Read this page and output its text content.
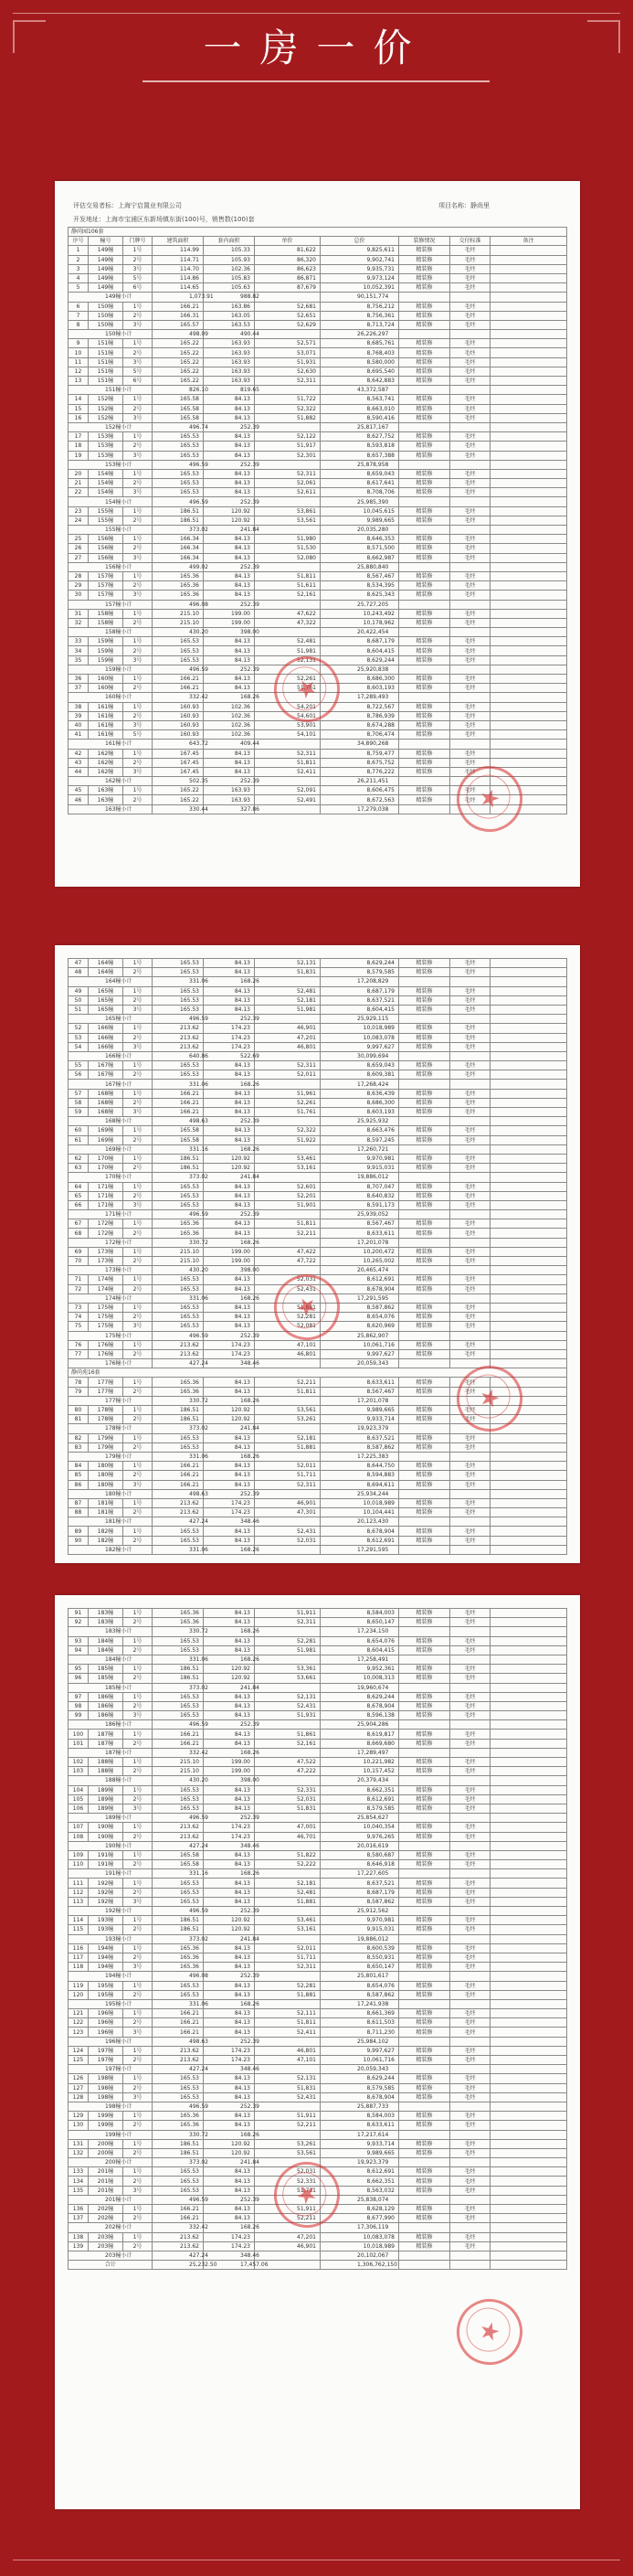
一房一价
评估交易者标：上海宁启置业有限公司	项目名称：静尚里
开发地址：上海市宝浦区东新场镇东街(100)号，销售数(100)套
静尚园106套									
序号	幢号	门牌号	建筑面积	套内面积	单价	总价	装修情况	交付标准	备注
1	149幢	1号	114.99	105.33	81,622	9,825,611	精装修	毛坯	
2	149幢	2号	114.71	105.93	86,320	9,902,741	精装修	毛坯	
3	149幢	3号	114.70	102.36	86,623	9,935,731	精装修	毛坯	
4	149幢	5号	114.86	105.83	86,871	9,973,124	精装修	毛坯	
5	149幢	6号	114.65	105.63	87,679	10,052,391	精装修	毛坯	
149幢小计			1,073.91	988.82		90,151,774			
6	150幢	1号	166.21	163.86	52,681	8,756,212	精装修	毛坯	
7	150幢	2号	166.31	163.05	52,651	8,756,361	精装修	毛坯	
8	150幢	3号	165.57	163.53	52,629	8,713,724	精装修	毛坯	
150幢小计			498.09	490.44		26,226,297			
9	151幢	1号	165.22	163.93	52,571	8,685,761	精装修	毛坯	
10	151幢	2号	165.22	163.93	53,071	8,768,403	精装修	毛坯	
11	151幢	3号	165.22	163.93	51,931	8,580,000	精装修	毛坯	
12	151幢	5号	165.22	163.93	52,630	8,695,540	精装修	毛坯	
13	151幢	6号	165.22	163.93	52,311	8,642,883	精装修	毛坯	
151幢小计			826.10	819.65		43,372,587			
14	152幢	1号	165.58	84.13	51,722	8,563,741	精装修	毛坯	
15	152幢	2号	165.58	84.13	52,322	8,663,010	精装修	毛坯	
16	152幢	3号	165.58	84.13	51,882	8,590,416	精装修	毛坯	
152幢小计			496.74	252.39		25,817,167			
17	153幢	1号	165.53	84.13	52,122	8,627,752	精装修	毛坯	
18	153幢	2号	165.53	84.13	51,917	8,593,818	精装修	毛坯	
19	153幢	3号	165.53	84.13	52,301	8,657,388	精装修	毛坯	
153幢小计			496.59	252.39		25,878,958			
20	154幢	1号	165.53	84.13	52,311	8,659,043	精装修	毛坯	
21	154幢	2号	165.53	84.13	52,061	8,617,641	精装修	毛坯	
22	154幢	3号	165.53	84.13	52,611	8,708,706	精装修	毛坯	
154幢小计			496.59	252.39		25,985,390			
23	155幢	1号	186.51	120.92	53,861	10,045,615	精装修	毛坯	
24	155幢	2号	186.51	120.92	53,561	9,989,665	精装修	毛坯	
155幢小计			373.02	241.84		20,035,280			
25	156幢	1号	166.34	84.13	51,980	8,646,353	精装修	毛坯	
26	156幢	2号	166.34	84.13	51,530	8,571,500	精装修	毛坯	
27	156幢	3号	166.34	84.13	52,080	8,662,987	精装修	毛坯	
156幢小计			499.02	252.39		25,880,840			
28	157幢	1号	165.36	84.13	51,811	8,567,467	精装修	毛坯	
29	157幢	2号	165.36	84.13	51,611	8,534,395	精装修	毛坯	
30	157幢	3号	165.36	84.13	52,161	8,625,343	精装修	毛坯	
157幢小计			496.08	252.39		25,727,205			
31	158幢	1号	215.10	199.00	47,622	10,243,492	精装修	毛坯	
32	158幢	2号	215.10	199.00	47,322	10,178,962	精装修	毛坯	
158幢小计			430.20	398.00		20,422,454			
33	159幢	1号	165.53	84.13	52,481	8,687,179	精装修	毛坯	
34	159幢	2号	165.53	84.13	51,981	8,604,415	精装修	毛坯	
35	159幢	3号	165.53	84.13	52,131	8,629,244	精装修	毛坯	
159幢小计			496.59	252.39		25,920,838			
36	160幢	1号	166.21	84.13	52,261	8,686,300	精装修	毛坯	
37	160幢	2号	166.21	84.13	51,761	8,603,193	精装修	毛坯	
160幢小计			332.42	168.26		17,289,493			
38	161幢	1号	160.93	102.36	54,201	8,722,567	精装修	毛坯	
39	161幢	2号	160.93	102.36	54,601	8,786,939	精装修	毛坯	
40	161幢	3号	160.93	102.36	53,901	8,674,288	精装修	毛坯	
41	161幢	5号	160.93	102.36	54,101	8,706,474	精装修	毛坯	
161幢小计			643.72	409.44		34,890,268			
42	162幢	1号	167.45	84.13	52,311	8,759,477	精装修	毛坯	
43	162幢	2号	167.45	84.13	51,811	8,675,752	精装修	毛坯	
44	162幢	3号	167.45	84.13	52,411	8,776,222	精装修	毛坯	
162幢小计			502.35	252.39		26,211,451			
45	163幢	1号	165.22	163.93	52,091	8,606,475	精装修	毛坯	
46	163幢	2号	165.22	163.93	52,491	8,672,563	精装修	毛坯	
163幢小计			330.44	327.86		17,279,038			
★
★
47	164幢	1号	165.53	84.13	52,131	8,629,244	精装修	毛坯	
48	164幢	2号	165.53	84.13	51,831	8,579,585	精装修	毛坯	
164幢小计			331.06	168.26		17,208,829			
49	165幢	1号	165.53	84.13	52,481	8,687,179	精装修	毛坯	
50	165幢	2号	165.53	84.13	52,181	8,637,521	精装修	毛坯	
51	165幢	3号	165.53	84.13	51,981	8,604,415	精装修	毛坯	
165幢小计			496.59	252.39		25,929,115			
52	166幢	1号	213.62	174.23	46,901	10,018,989	精装修	毛坯	
53	166幢	2号	213.62	174.23	47,201	10,083,078	精装修	毛坯	
54	166幢	3号	213.62	174.23	46,801	9,997,627	精装修	毛坯	
166幢小计			640.86	522.69		30,099,694			
55	167幢	1号	165.53	84.13	52,311	8,659,043	精装修	毛坯	
56	167幢	2号	165.53	84.13	52,011	8,609,381	精装修	毛坯	
167幢小计			331.06	168.26		17,268,424			
57	168幢	1号	166.21	84.13	51,961	8,636,439	精装修	毛坯	
58	168幢	2号	166.21	84.13	52,261	8,686,300	精装修	毛坯	
59	168幢	3号	166.21	84.13	51,761	8,603,193	精装修	毛坯	
168幢小计			498.63	252.39		25,925,932			
60	169幢	1号	165.58	84.13	52,322	8,663,476	精装修	毛坯	
61	169幢	2号	165.58	84.13	51,922	8,597,245	精装修	毛坯	
169幢小计			331.16	168.26		17,260,721			
62	170幢	1号	186.51	120.92	53,461	9,970,981	精装修	毛坯	
63	170幢	2号	186.51	120.92	53,161	9,915,031	精装修	毛坯	
170幢小计			373.02	241.84		19,886,012			
64	171幢	1号	165.53	84.13	52,601	8,707,047	精装修	毛坯	
65	171幢	2号	165.53	84.13	52,201	8,640,832	精装修	毛坯	
66	171幢	3号	165.53	84.13	51,901	8,591,173	精装修	毛坯	
171幢小计			496.59	252.39		25,939,052			
67	172幢	1号	165.36	84.13	51,811	8,567,467	精装修	毛坯	
68	172幢	2号	165.36	84.13	52,211	8,633,611	精装修	毛坯	
172幢小计			330.72	168.26		17,201,078			
69	173幢	1号	215.10	199.00	47,422	10,200,472	精装修	毛坯	
70	173幢	2号	215.10	199.00	47,722	10,265,002	精装修	毛坯	
173幢小计			430.20	398.00		20,465,474			
71	174幢	1号	165.53	84.13	52,031	8,612,691	精装修	毛坯	
72	174幢	2号	165.53	84.13	52,431	8,678,904	精装修	毛坯	
174幢小计			331.06	168.26		17,291,595			
73	175幢	1号	165.53	84.13	51,881	8,587,862	精装修	毛坯	
74	175幢	2号	165.53	84.13	52,281	8,654,076	精装修	毛坯	
75	175幢	3号	165.53	84.13	52,081	8,620,969	精装修	毛坯	
175幢小计			496.59	252.39		25,862,907			
76	176幢	1号	213.62	174.23	47,101	10,061,716	精装修	毛坯	
77	176幢	2号	213.62	174.23	46,801	9,997,627	精装修	毛坯	
176幢小计			427.24	348.46		20,059,343			
静尚苑16套									
78	177幢	1号	165.36	84.13	52,211	8,633,611	精装修	毛坯	
79	177幢	2号	165.36	84.13	51,811	8,567,467	精装修	毛坯	
177幢小计			330.72	168.26		17,201,078			
80	178幢	1号	186.51	120.92	53,561	9,989,665	精装修	毛坯	
81	178幢	2号	186.51	120.92	53,261	9,933,714	精装修	毛坯	
178幢小计			373.02	241.84		19,923,379			
82	179幢	1号	165.53	84.13	52,181	8,637,521	精装修	毛坯	
83	179幢	2号	165.53	84.13	51,881	8,587,862	精装修	毛坯	
179幢小计			331.06	168.26		17,225,383			
84	180幢	1号	166.21	84.13	52,011	8,644,750	精装修	毛坯	
85	180幢	2号	166.21	84.13	51,711	8,594,883	精装修	毛坯	
86	180幢	3号	166.21	84.13	52,311	8,694,611	精装修	毛坯	
180幢小计			498.63	252.39		25,934,244			
87	181幢	1号	213.62	174.23	46,901	10,018,989	精装修	毛坯	
88	181幢	2号	213.62	174.23	47,301	10,104,441	精装修	毛坯	
181幢小计			427.24	348.46		20,123,430			
89	182幢	1号	165.53	84.13	52,431	8,678,904	精装修	毛坯	
90	182幢	2号	165.53	84.13	52,031	8,612,691	精装修	毛坯	
182幢小计			331.06	168.26		17,291,595			
★
★
91	183幢	1号	165.36	84.13	51,911	8,584,003	精装修	毛坯	
92	183幢	2号	165.36	84.13	52,311	8,650,147	精装修	毛坯	
183幢小计			330.72	168.26		17,234,150			
93	184幢	1号	165.53	84.13	52,281	8,654,076	精装修	毛坯	
94	184幢	2号	165.53	84.13	51,981	8,604,415	精装修	毛坯	
184幢小计			331.06	168.26		17,258,491			
95	185幢	1号	186.51	120.92	53,361	9,952,361	精装修	毛坯	
96	185幢	2号	186.51	120.92	53,661	10,008,313	精装修	毛坯	
185幢小计			373.02	241.84		19,960,674			
97	186幢	1号	165.53	84.13	52,131	8,629,244	精装修	毛坯	
98	186幢	2号	165.53	84.13	52,431	8,678,904	精装修	毛坯	
99	186幢	3号	165.53	84.13	51,931	8,596,138	精装修	毛坯	
186幢小计			496.59	252.39		25,904,286			
100	187幢	1号	166.21	84.13	51,861	8,619,817	精装修	毛坯	
101	187幢	2号	166.21	84.13	52,161	8,669,680	精装修	毛坯	
187幢小计			332.42	168.26		17,289,497			
102	188幢	1号	215.10	199.00	47,522	10,221,982	精装修	毛坯	
103	188幢	2号	215.10	199.00	47,222	10,157,452	精装修	毛坯	
188幢小计			430.20	398.00		20,379,434			
104	189幢	1号	165.53	84.13	52,331	8,662,351	精装修	毛坯	
105	189幢	2号	165.53	84.13	52,031	8,612,691	精装修	毛坯	
106	189幢	3号	165.53	84.13	51,831	8,579,585	精装修	毛坯	
189幢小计			496.59	252.39		25,854,627			
107	190幢	1号	213.62	174.23	47,001	10,040,354	精装修	毛坯	
108	190幢	2号	213.62	174.23	46,701	9,976,265	精装修	毛坯	
190幢小计			427.24	348.46		20,016,619			
109	191幢	1号	165.58	84.13	51,822	8,580,687	精装修	毛坯	
110	191幢	2号	165.58	84.13	52,222	8,646,918	精装修	毛坯	
191幢小计			331.16	168.26		17,227,605			
111	192幢	1号	165.53	84.13	52,181	8,637,521	精装修	毛坯	
112	192幢	2号	165.53	84.13	52,481	8,687,179	精装修	毛坯	
113	192幢	3号	165.53	84.13	51,881	8,587,862	精装修	毛坯	
192幢小计			496.59	252.39		25,912,562			
114	193幢	1号	186.51	120.92	53,461	9,970,981	精装修	毛坯	
115	193幢	2号	186.51	120.92	53,161	9,915,031	精装修	毛坯	
193幢小计			373.02	241.84		19,886,012			
116	194幢	1号	165.36	84.13	52,011	8,600,539	精装修	毛坯	
117	194幢	2号	165.36	84.13	51,711	8,550,931	精装修	毛坯	
118	194幢	3号	165.36	84.13	52,311	8,650,147	精装修	毛坯	
194幢小计			496.08	252.39		25,801,617			
119	195幢	1号	165.53	84.13	52,281	8,654,076	精装修	毛坯	
120	195幢	2号	165.53	84.13	51,881	8,587,862	精装修	毛坯	
195幢小计			331.06	168.26		17,241,938			
121	196幢	1号	166.21	84.13	52,111	8,661,369	精装修	毛坯	
122	196幢	2号	166.21	84.13	51,811	8,611,503	精装修	毛坯	
123	196幢	3号	166.21	84.13	52,411	8,711,230	精装修	毛坯	
196幢小计			498.63	252.39		25,984,102			
124	197幢	1号	213.62	174.23	46,801	9,997,627	精装修	毛坯	
125	197幢	2号	213.62	174.23	47,101	10,061,716	精装修	毛坯	
197幢小计			427.24	348.46		20,059,343			
126	198幢	1号	165.53	84.13	52,131	8,629,244	精装修	毛坯	
127	198幢	2号	165.53	84.13	51,831	8,579,585	精装修	毛坯	
128	198幢	3号	165.53	84.13	52,431	8,678,904	精装修	毛坯	
198幢小计			496.59	252.39		25,887,733			
129	199幢	1号	165.36	84.13	51,911	8,584,003	精装修	毛坯	
130	199幢	2号	165.36	84.13	52,211	8,633,611	精装修	毛坯	
199幢小计			330.72	168.26		17,217,614			
131	200幢	1号	186.51	120.92	53,261	9,933,714	精装修	毛坯	
132	200幢	2号	186.51	120.92	53,561	9,989,665	精装修	毛坯	
200幢小计			373.02	241.84		19,923,379			
133	201幢	1号	165.53	84.13	52,031	8,612,691	精装修	毛坯	
134	201幢	2号	165.53	84.13	52,331	8,662,351	精装修	毛坯	
135	201幢	3号	165.53	84.13	51,731	8,563,032	精装修	毛坯	
201幢小计			496.59	252.39		25,838,074			
136	202幢	1号	166.21	84.13	51,911	8,628,129	精装修	毛坯	
137	202幢	2号	166.21	84.13	52,211	8,677,990	精装修	毛坯	
202幢小计			332.42	168.26		17,306,119			
138	203幢	1号	213.62	174.23	47,201	10,083,078	精装修	毛坯	
139	203幢	2号	213.62	174.23	46,901	10,018,989	精装修	毛坯	
203幢小计			427.24	348.46		20,102,067			
合计			25,232.50	17,457.06		1,306,762,150			
★
★
